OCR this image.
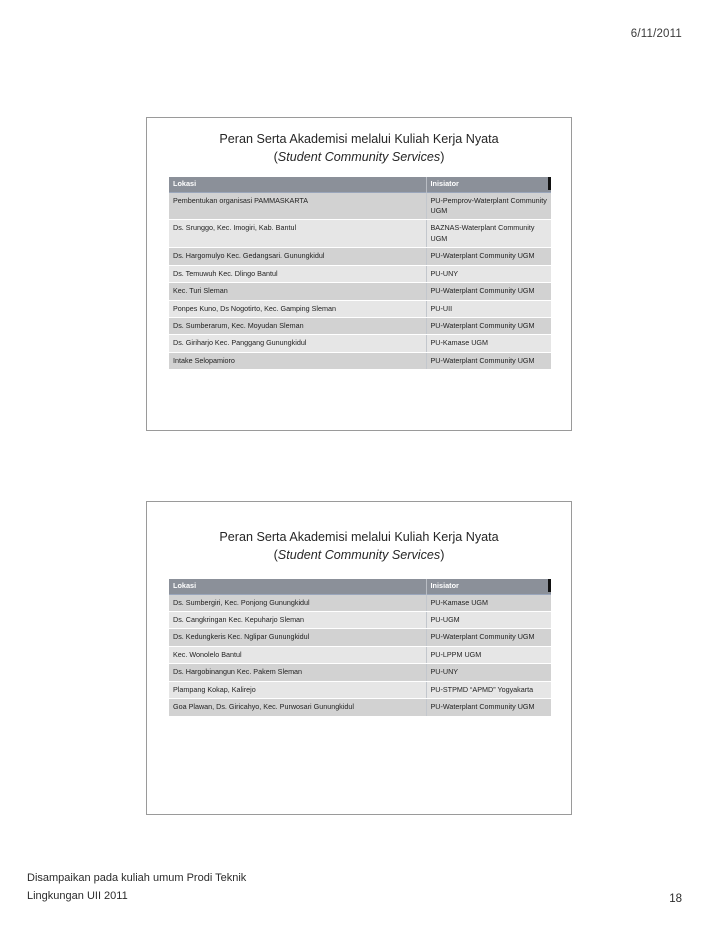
6/11/2011
Peran Serta Akademisi melalui Kuliah Kerja Nyata
(Student Community Services)
Lokasi	Inisiator
Pembentukan organisasi PAMMASKARTA	PU-Pemprov-Waterplant Community UGM
Ds. Srunggo, Kec. Imogiri, Kab. Bantul	BAZNAS-Waterplant Community UGM
Ds. Hargomulyo Kec. Gedangsari. Gunungkidul	PU-Waterplant Community UGM
Ds. Temuwuh Kec. Dlingo Bantul	PU-UNY
Kec. Turi Sleman	PU-Waterplant Community UGM
Ponpes Kuno, Ds Nogotirto, Kec. Gamping Sleman	PU-UII
Ds. Sumberarum, Kec. Moyudan Sleman	PU-Waterplant Community UGM
Ds. Giriharjo Kec. Panggang Gunungkidul	PU-Kamase UGM
Intake Selopamioro	PU-Waterplant Community UGM
Peran Serta Akademisi melalui Kuliah Kerja Nyata
(Student Community Services)
Lokasi	Inisiator
Ds. Sumbergiri, Kec. Ponjong Gunungkidul	PU-Kamase UGM
Ds. Cangkringan Kec. Kepuharjo Sleman	PU-UGM
Ds. Kedungkeris Kec. Nglipar Gunungkidul	PU-Waterplant Community UGM
Kec. Wonolelo Bantul	PU-LPPM UGM
Ds. Hargobinangun Kec. Pakem Sleman	PU-UNY
Plampang Kokap, Kalirejo	PU-STPMD “APMD” Yogyakarta
Goa Plawan, Ds. Giricahyo, Kec. Purwosari Gunungkidul	PU-Waterplant Community UGM
Disampaikan pada kuliah umum Prodi Teknik
Lingkungan UII 2011	18
